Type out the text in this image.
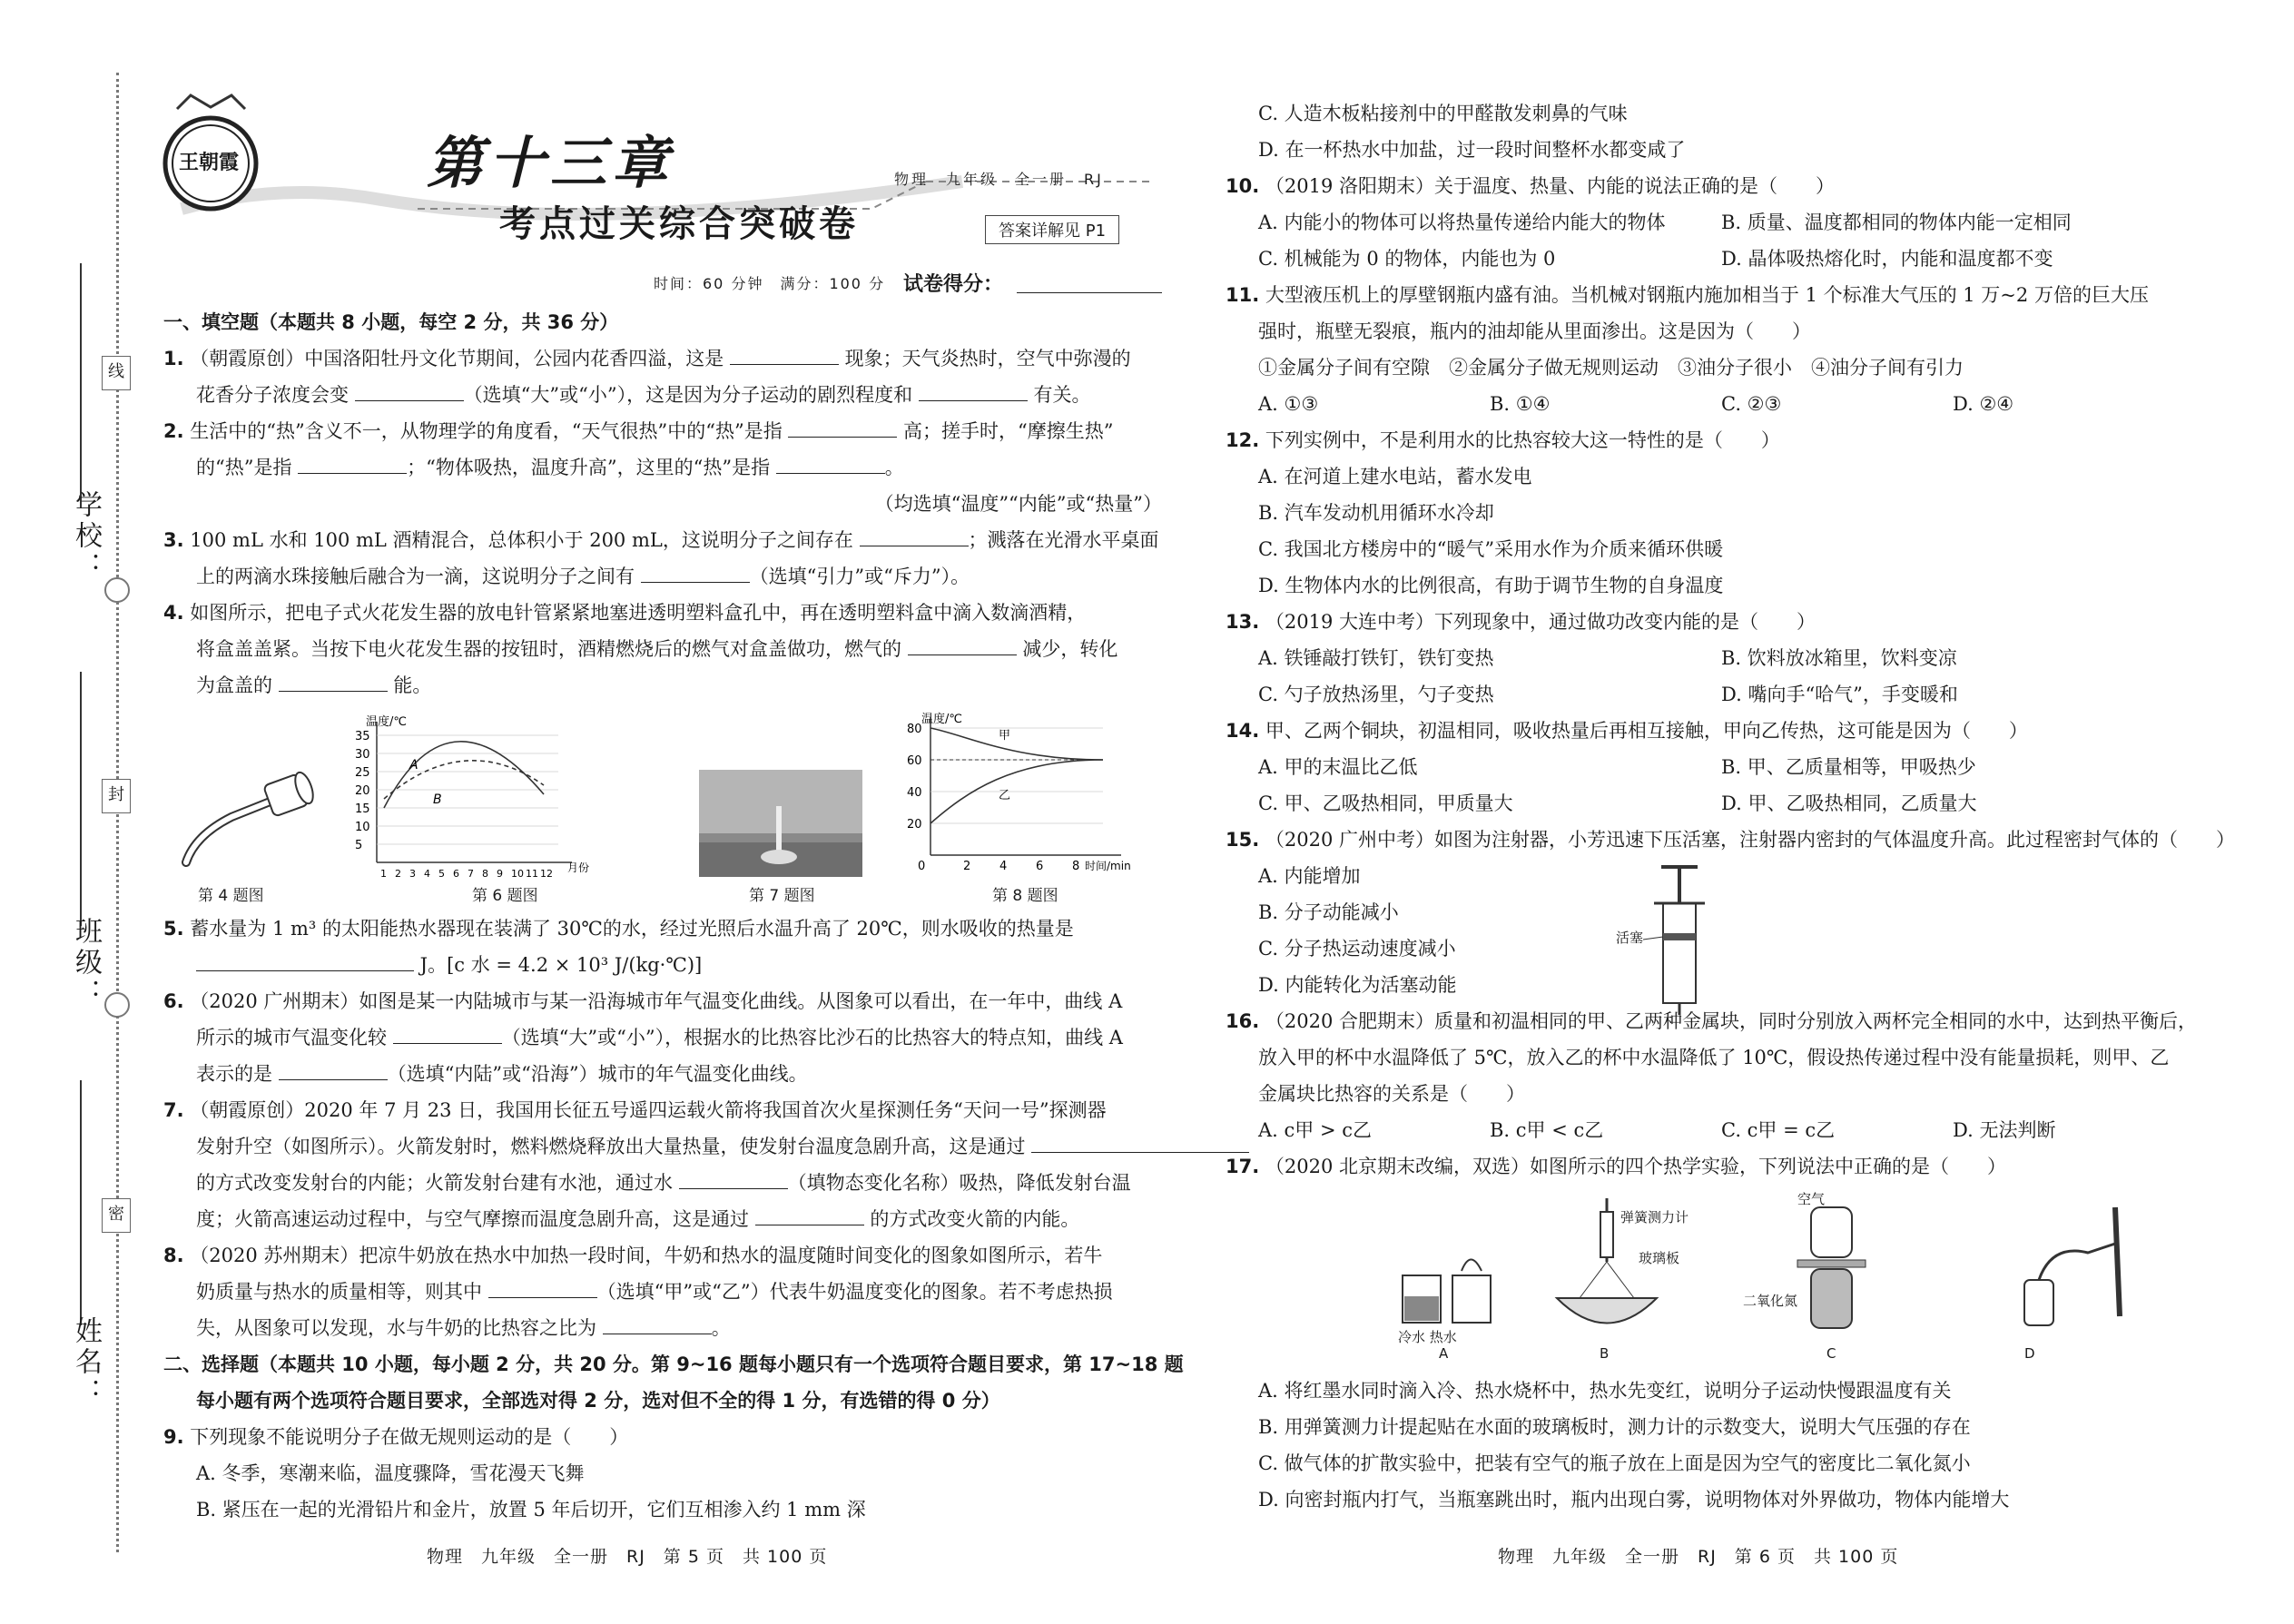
学校：
班级：
姓名：
线
封
密
王朝霞	第十三章
考点过关综合突破卷
物理　九年级　全一册　RJ
答案详解见 P1
时间：60 分钟　满分：100 分 试卷得分：

一、填空题（本题共 8 小题，每空 2 分，共 36 分）

1. （朝霞原创）中国洛阳牡丹文化节期间，公园内花香四溢，这是	现象；天气炎热时，空气中弥漫的

花香分子浓度会变	（选填“大”或“小”），这是因为分子运动的剧烈程度和	有关。

2. 生活中的“热”含义不一，从物理学的角度看，“天气很热”中的“热”是指	高；搓手时，“摩擦生热”

的“热”是指	；“物体吸热，温度升高”，这里的“热”是指	。

（均选填“温度”“内能”或“热量”）

3. 100 mL 水和 100 mL 酒精混合，总体积小于 200 mL，这说明分子之间存在	；溅落在光滑水平桌面

上的两滴水珠接触后融合为一滴，这说明分子之间有	（选填“引力”或“斥力”）。

4. 如图所示，把电子式火花发生器的放电针管紧紧地塞进透明塑料盒孔中，再在透明塑料盒中滴入数滴酒精，

将盒盖盖紧。当按下电火花发生器的按钮时，酒精燃烧后的燃气对盒盖做功，燃气的	减少，转化

为盒盖的	能。

35
30
25
20
15
10
5
1 2 3 4 5 6 7 8 9 10 11 12
温度/℃
月份
A
B
80
60
40
20
2 4 6 8
0
温度/℃
时间/min
甲
乙
第 4 题图	第 6 题图	第 7 题图	第 8 题图

5. 蓄水量为 1 m³ 的太阳能热水器现在装满了 30℃的水，经过光照后水温升高了 20℃，则水吸收的热量是

J。[c 水 = 4.2 × 10³ J/(kg·℃)]

6. （2020 广州期末）如图是某一内陆城市与某一沿海城市年气温变化曲线。从图象可以看出，在一年中，曲线 A

所示的城市气温变化较	（选填“大”或“小”），根据水的比热容比沙石的比热容大的特点知，曲线 A

表示的是	（选填“内陆”或“沿海”）城市的年气温变化曲线。

7. （朝霞原创）2020 年 7 月 23 日，我国用长征五号遥四运载火箭将我国首次火星探测任务“天问一号”探测器

发射升空（如图所示）。火箭发射时，燃料燃烧释放出大量热量，使发射台温度急剧升高，这是通过

的方式改变发射台的内能；火箭发射台建有水池，通过水	（填物态变化名称）吸热，降低发射台温

度；火箭高速运动过程中，与空气摩擦而温度急剧升高，这是通过	的方式改变火箭的内能。

8. （2020 苏州期末）把凉牛奶放在热水中加热一段时间，牛奶和热水的温度随时间变化的图象如图所示，若牛

奶质量与热水的质量相等，则其中	（选填“甲”或“乙”）代表牛奶温度变化的图象。若不考虑热损

失，从图象可以发现，水与牛奶的比热容之比为	。

二、选择题（本题共 10 小题，每小题 2 分，共 20 分。第 9~16 题每小题只有一个选项符合题目要求，第 17~18 题

每小题有两个选项符合题目要求，全部选对得 2 分，选对但不全的得 1 分，有选错的得 0 分）

9. 下列现象不能说明分子在做无规则运动的是（　　）

A. 冬季，寒潮来临，温度骤降，雪花漫天飞舞

B. 紧压在一起的光滑铅片和金片，放置 5 年后切开，它们互相渗入约 1 mm 深

物理　九年级　全一册　RJ　第 5 页　共 100 页

C. 人造木板粘接剂中的甲醛散发刺鼻的气味

D. 在一杯热水中加盐，过一段时间整杯水都变咸了

10. （2019 洛阳期末）关于温度、热量、内能的说法正确的是（　　）

A. 内能小的物体可以将热量传递给内能大的物体	B. 质量、温度都相同的物体内能一定相同

C. 机械能为 0 的物体，内能也为 0	D. 晶体吸热熔化时，内能和温度都不变

11. 大型液压机上的厚壁钢瓶内盛有油。当机械对钢瓶内施加相当于 1 个标准大气压的 1 万~2 万倍的巨大压

强时，瓶壁无裂痕，瓶内的油却能从里面渗出。这是因为（　　）

①金属分子间有空隙　②金属分子做无规则运动　③油分子很小　④油分子间有引力

A. ①③	B. ①④	C. ②③	D. ②④

12. 下列实例中，不是利用水的比热容较大这一特性的是（　　）

A. 在河道上建水电站，蓄水发电

B. 汽车发动机用循环水冷却

C. 我国北方楼房中的“暖气”采用水作为介质来循环供暖

D. 生物体内水的比例很高，有助于调节生物的自身温度

13. （2019 大连中考）下列现象中，通过做功改变内能的是（　　）

A. 铁锤敲打铁钉，铁钉变热	B. 饮料放冰箱里，饮料变凉

C. 勺子放热汤里，勺子变热	D. 嘴向手“哈气”，手变暖和

14. 甲、乙两个铜块，初温相同，吸收热量后再相互接触，甲向乙传热，这可能是因为（　　）

A. 甲的末温比乙低	B. 甲、乙质量相等，甲吸热少

C. 甲、乙吸热相同，甲质量大	D. 甲、乙吸热相同，乙质量大

15. （2020 广州中考）如图为注射器，小芳迅速下压活塞，注射器内密封的气体温度升高。此过程密封气体的（　　）

A. 内能增加

B. 分子动能减小

C. 分子热运动速度减小

D. 内能转化为活塞动能

16. （2020 合肥期末）质量和初温相同的甲、乙两种金属块，同时分别放入两杯完全相同的水中，达到热平衡后，

放入甲的杯中水温降低了 5℃，放入乙的杯中水温降低了 10℃，假设热传递过程中没有能量损耗，则甲、乙

金属块比热容的关系是（　　）

A. c甲 > c乙	B. c甲 < c乙	C. c甲 = c乙	D. 无法判断

17. （2020 北京期末改编，双选）如图所示的四个热学实验，下列说法中正确的是（　　）

活塞
冷水 热水
弹簧测力计
玻璃板
空气
二氧化氮
A	B	C	D

A. 将红墨水同时滴入冷、热水烧杯中，热水先变红，说明分子运动快慢跟温度有关

B. 用弹簧测力计提起贴在水面的玻璃板时，测力计的示数变大，说明大气压强的存在

C. 做气体的扩散实验中，把装有空气的瓶子放在上面是因为空气的密度比二氧化氮小

D. 向密封瓶内打气，当瓶塞跳出时，瓶内出现白雾，说明物体对外界做功，物体内能增大

物理　九年级　全一册　RJ　第 6 页　共 100 页
